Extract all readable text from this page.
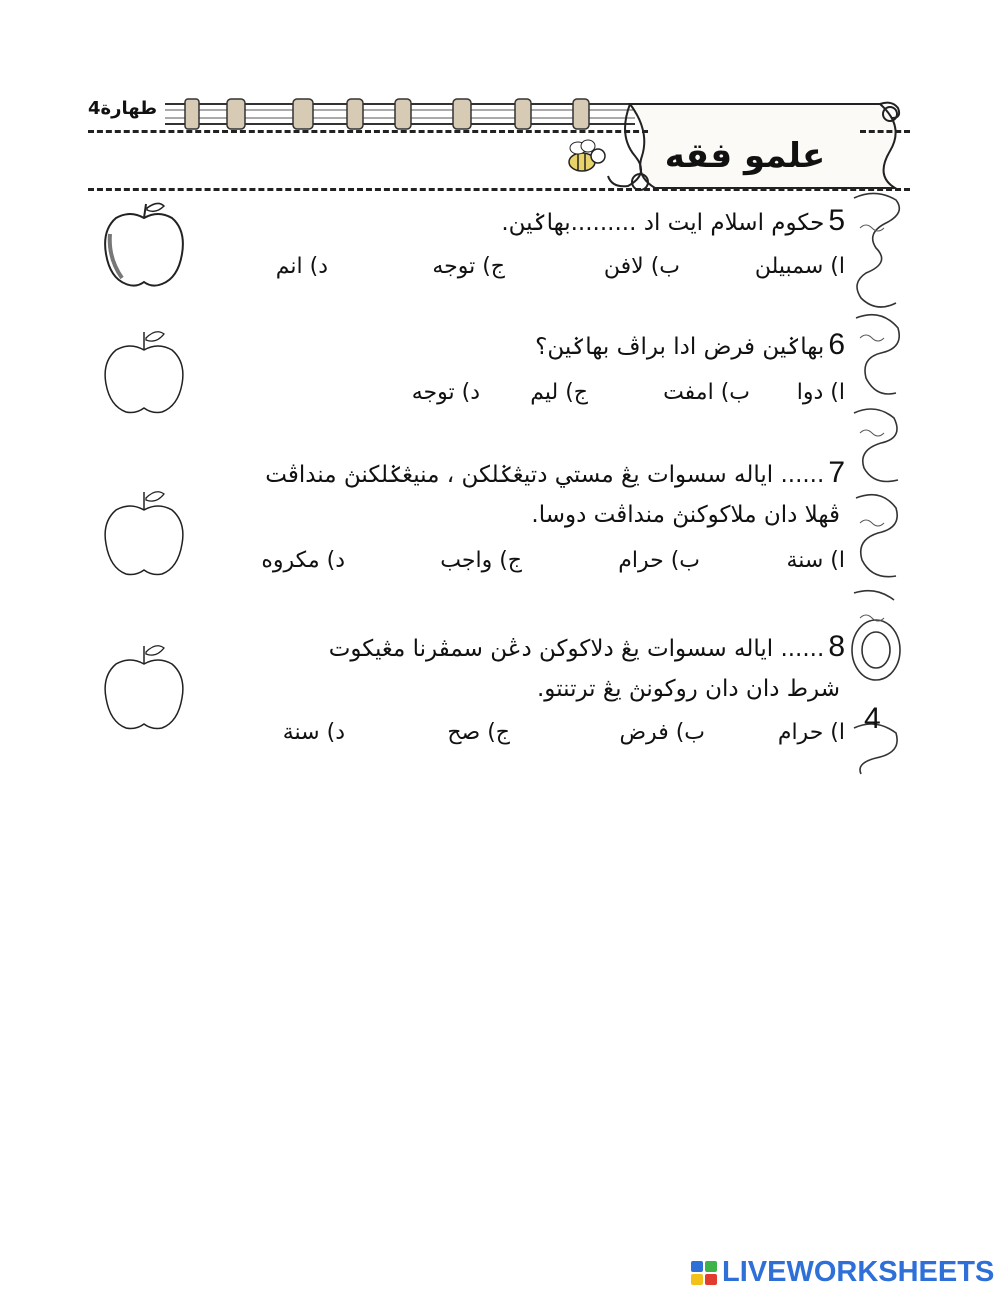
طهارة4
علمو فقه
4
5حكوم اسلام ايت اد .........بهاݢين.
ا) سمبيلن
ب) لافن
ج) توجه
د) انم
6بهاݢين فرض ادا براڤ بهاݢين؟
ا) دوا
ب) امفت
ج) ليم
د) توجه
7...... اياله سسوات يڠ مستي دتيڠݢلكن ، منيڠݢلكنڽ منداڤت
ڤهلا دان ملاكوكنڽ منداڤت دوسا.
ا) سنة
ب) حرام
ج) واجب
د) مكروه
8...... اياله سسوات يڠ دلاكوكن دڠن سمڤرنا مڠيكوت
شرط دان دان روكونڽ يڠ ترتنتو.
ا) حرام
ب) فرض
ج) صح
د) سنة
LIVEWORKSHEETS
